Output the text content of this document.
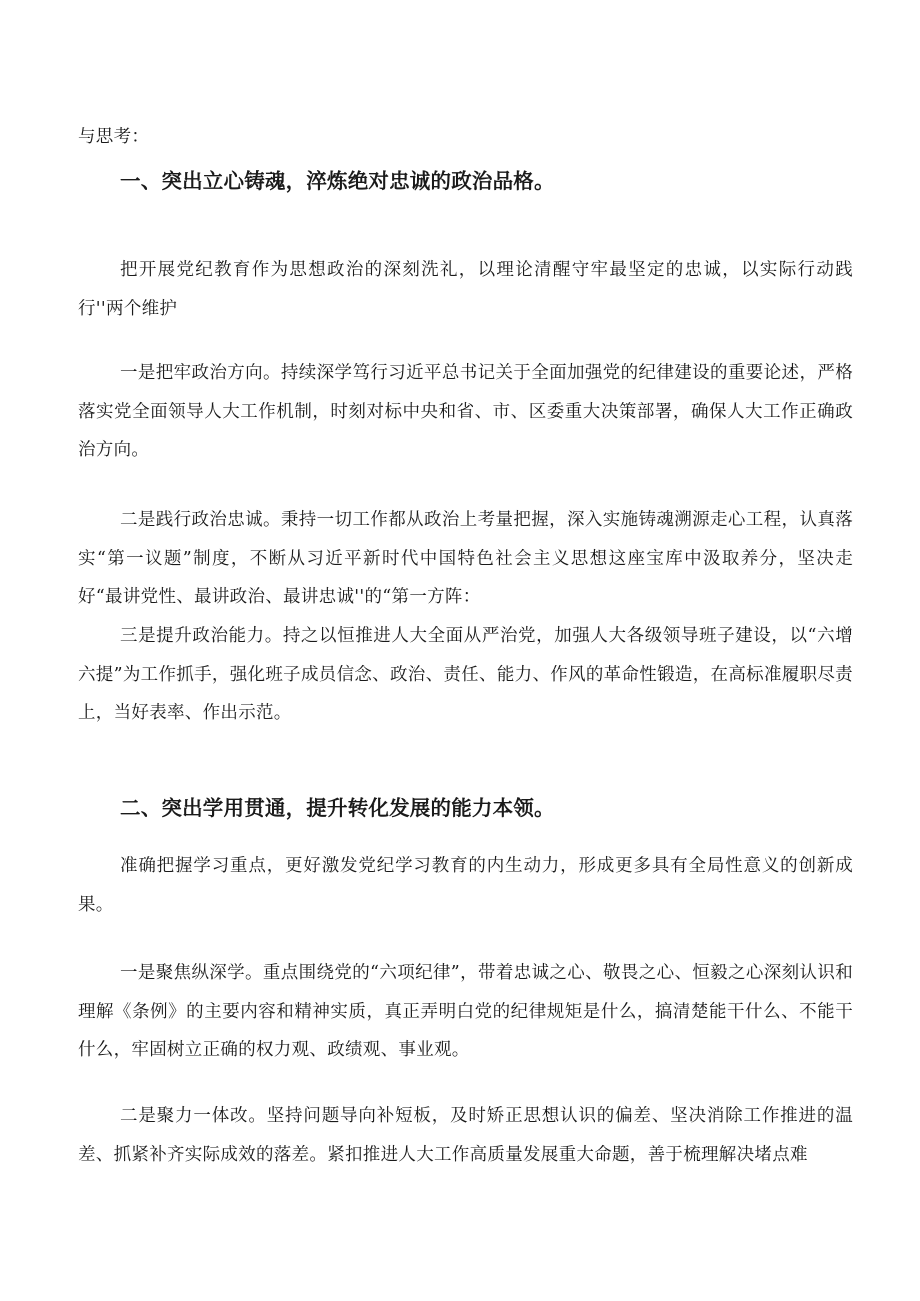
与思考：

一、突出立心铸魂，淬炼绝对忠诚的政治品格。

把开展党纪教育作为思想政治的深刻洗礼，以理论清醒守牢最坚定的忠诚，以实际行动践行''两个维护

一是把牢政治方向。持续深学笃行习近平总书记关于全面加强党的纪律建设的重要论述，严格落实党全面领导人大工作机制，时刻对标中央和省、市、区委重大决策部署，确保人大工作正确政治方向。

二是践行政治忠诚。秉持一切工作都从政治上考量把握，深入实施铸魂溯源走心工程，认真落实“第一议题”制度，不断从习近平新时代中国特色社会主义思想这座宝库中汲取养分，坚决走好“最讲党性、最讲政治、最讲忠诚''的“第一方阵：

三是提升政治能力。持之以恒推进人大全面从严治党，加强人大各级领导班子建设，以“六增六提”为工作抓手，强化班子成员信念、政治、责任、能力、作风的革命性锻造，在高标准履职尽责上，当好表率、作出示范。

二、突出学用贯通，提升转化发展的能力本领。

准确把握学习重点，更好激发党纪学习教育的内生动力，形成更多具有全局性意义的创新成果。

一是聚焦纵深学。重点围绕党的“六项纪律”，带着忠诚之心、敬畏之心、恒毅之心深刻认识和理解《条例》的主要内容和精神实质，真正弄明白党的纪律规矩是什么，搞清楚能干什么、不能干什么，牢固树立正确的权力观、政绩观、事业观。

二是聚力一体改。坚持问题导向补短板，及时矫正思想认识的偏差、坚决消除工作推进的温差、抓紧补齐实际成效的落差。紧扣推进人大工作高质量发展重大命题，善于梳理解决堵点难
